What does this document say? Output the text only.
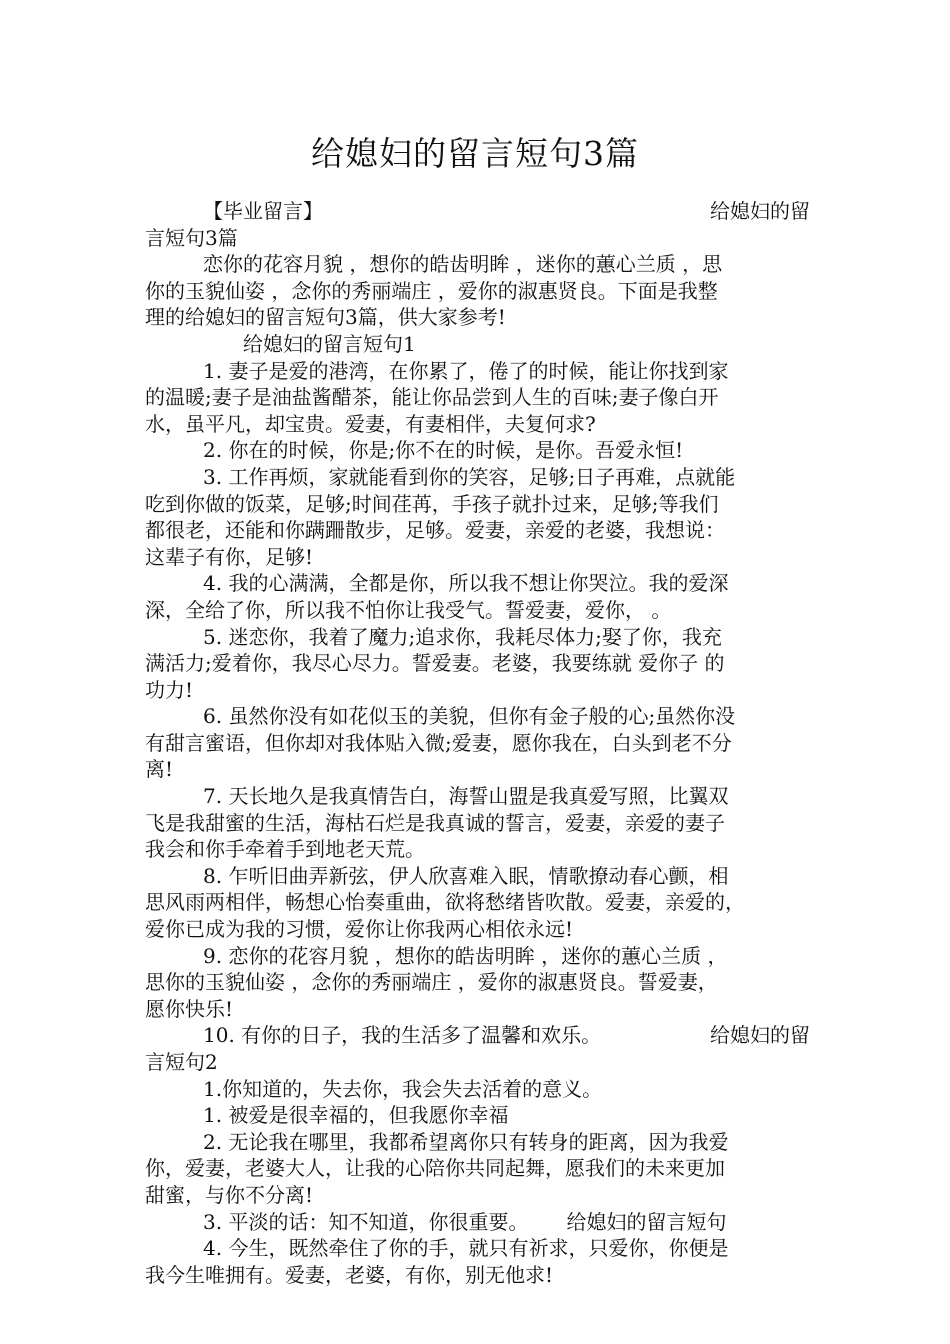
给媳妇的留言短句3篇
【毕业留言】	给媳妇的留
言短句3篇
恋你的花容月貌 ，想你的皓齿明眸 ，迷你的蕙心兰质 ，思
你的玉貌仙姿 ，念你的秀丽端庄 ，爱你的淑惠贤良。下面是我整
理的给媳妇的留言短句3篇，供大家参考!
给媳妇的留言短句1
1. 妻子是爱的港湾，在你累了，倦了的时候，能让你找到家
的温暖;妻子是油盐酱醋茶，能让你品尝到人生的百味;妻子像白开
水，虽平凡，却宝贵。爱妻，有妻相伴，夫复何求?
2. 你在的时候，你是;你不在的时候，是你。吾爱永恒!
3. 工作再烦，家就能看到你的笑容，足够;日子再难，点就能
吃到你做的饭菜，足够;时间荏苒，手孩子就扑过来，足够;等我们
都很老，还能和你蹒跚散步，足够。爱妻，亲爱的老婆，我想说：
这辈子有你，足够!
4. 我的心满满，全都是你，所以我不想让你哭泣。我的爱深
深，全给了你，所以我不怕你让我受气。誓爱妻，爱你， 。
5. 迷恋你，我着了魔力;追求你，我耗尽体力;娶了你，我充
满活力;爱着你，我尽心尽力。誓爱妻。老婆，我要练就 爱你子 的
功力!
6. 虽然你没有如花似玉的美貌，但你有金子般的心;虽然你没
有甜言蜜语，但你却对我体贴入微;爱妻，愿你我在，白头到老不分
离!
7. 天长地久是我真情告白，海誓山盟是我真爱写照，比翼双
飞是我甜蜜的生活，海枯石烂是我真诚的誓言，爱妻，亲爱的妻子
我会和你手牵着手到地老天荒。
8. 乍听旧曲弄新弦，伊人欣喜难入眠，情歌撩动春心颤，相
思风雨两相伴，畅想心怡奏重曲，欲将愁绪皆吹散。爱妻，亲爱的，
爱你已成为我的习惯，爱你让你我两心相依永远!
9. 恋你的花容月貌 ，想你的皓齿明眸 ，迷你的蕙心兰质 ，
思你的玉貌仙姿 ，念你的秀丽端庄 ，爱你的淑惠贤良。誓爱妻，
愿你快乐!
10. 有你的日子，我的生活多了温馨和欢乐。	给媳妇的留
言短句2
1.你知道的，失去你，我会失去活着的意义。
1. 被爱是很幸福的，但我愿你幸福
2. 无论我在哪里，我都希望离你只有转身的距离，因为我爱
你，爱妻，老婆大人，让我的心陪你共同起舞，愿我们的未来更加
甜蜜，与你不分离!
3. 平淡的话：知不知道，你很重要。 给媳妇的留言短句
4. 今生，既然牵住了你的手，就只有祈求，只爱你，你便是
我今生唯拥有。爱妻，老婆，有你，别无他求!
